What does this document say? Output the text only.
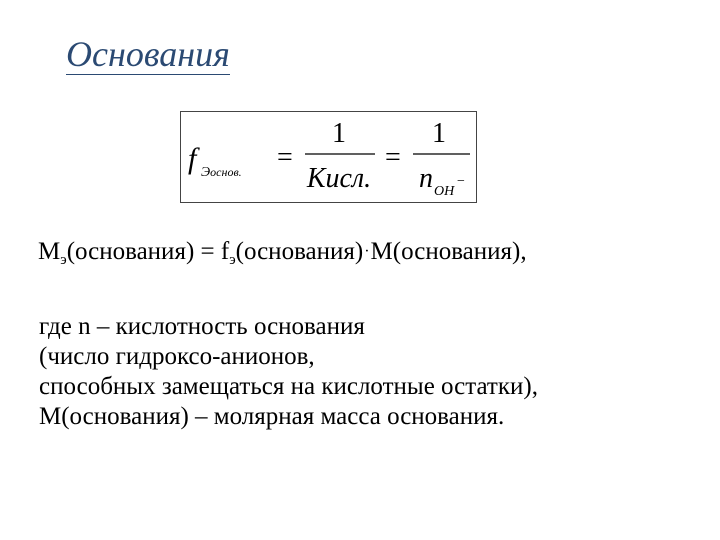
Основания
f Эоснов. =
1
Кисл.
=
1
n OH
−
$M_э(основания)$ = $f_э(основания)\cdot M(основания)$,
где n – кислотность основания
(число гидроксо-анионов,
способных замещаться на кислотные остатки),
M(основания) – молярная масса основания.
